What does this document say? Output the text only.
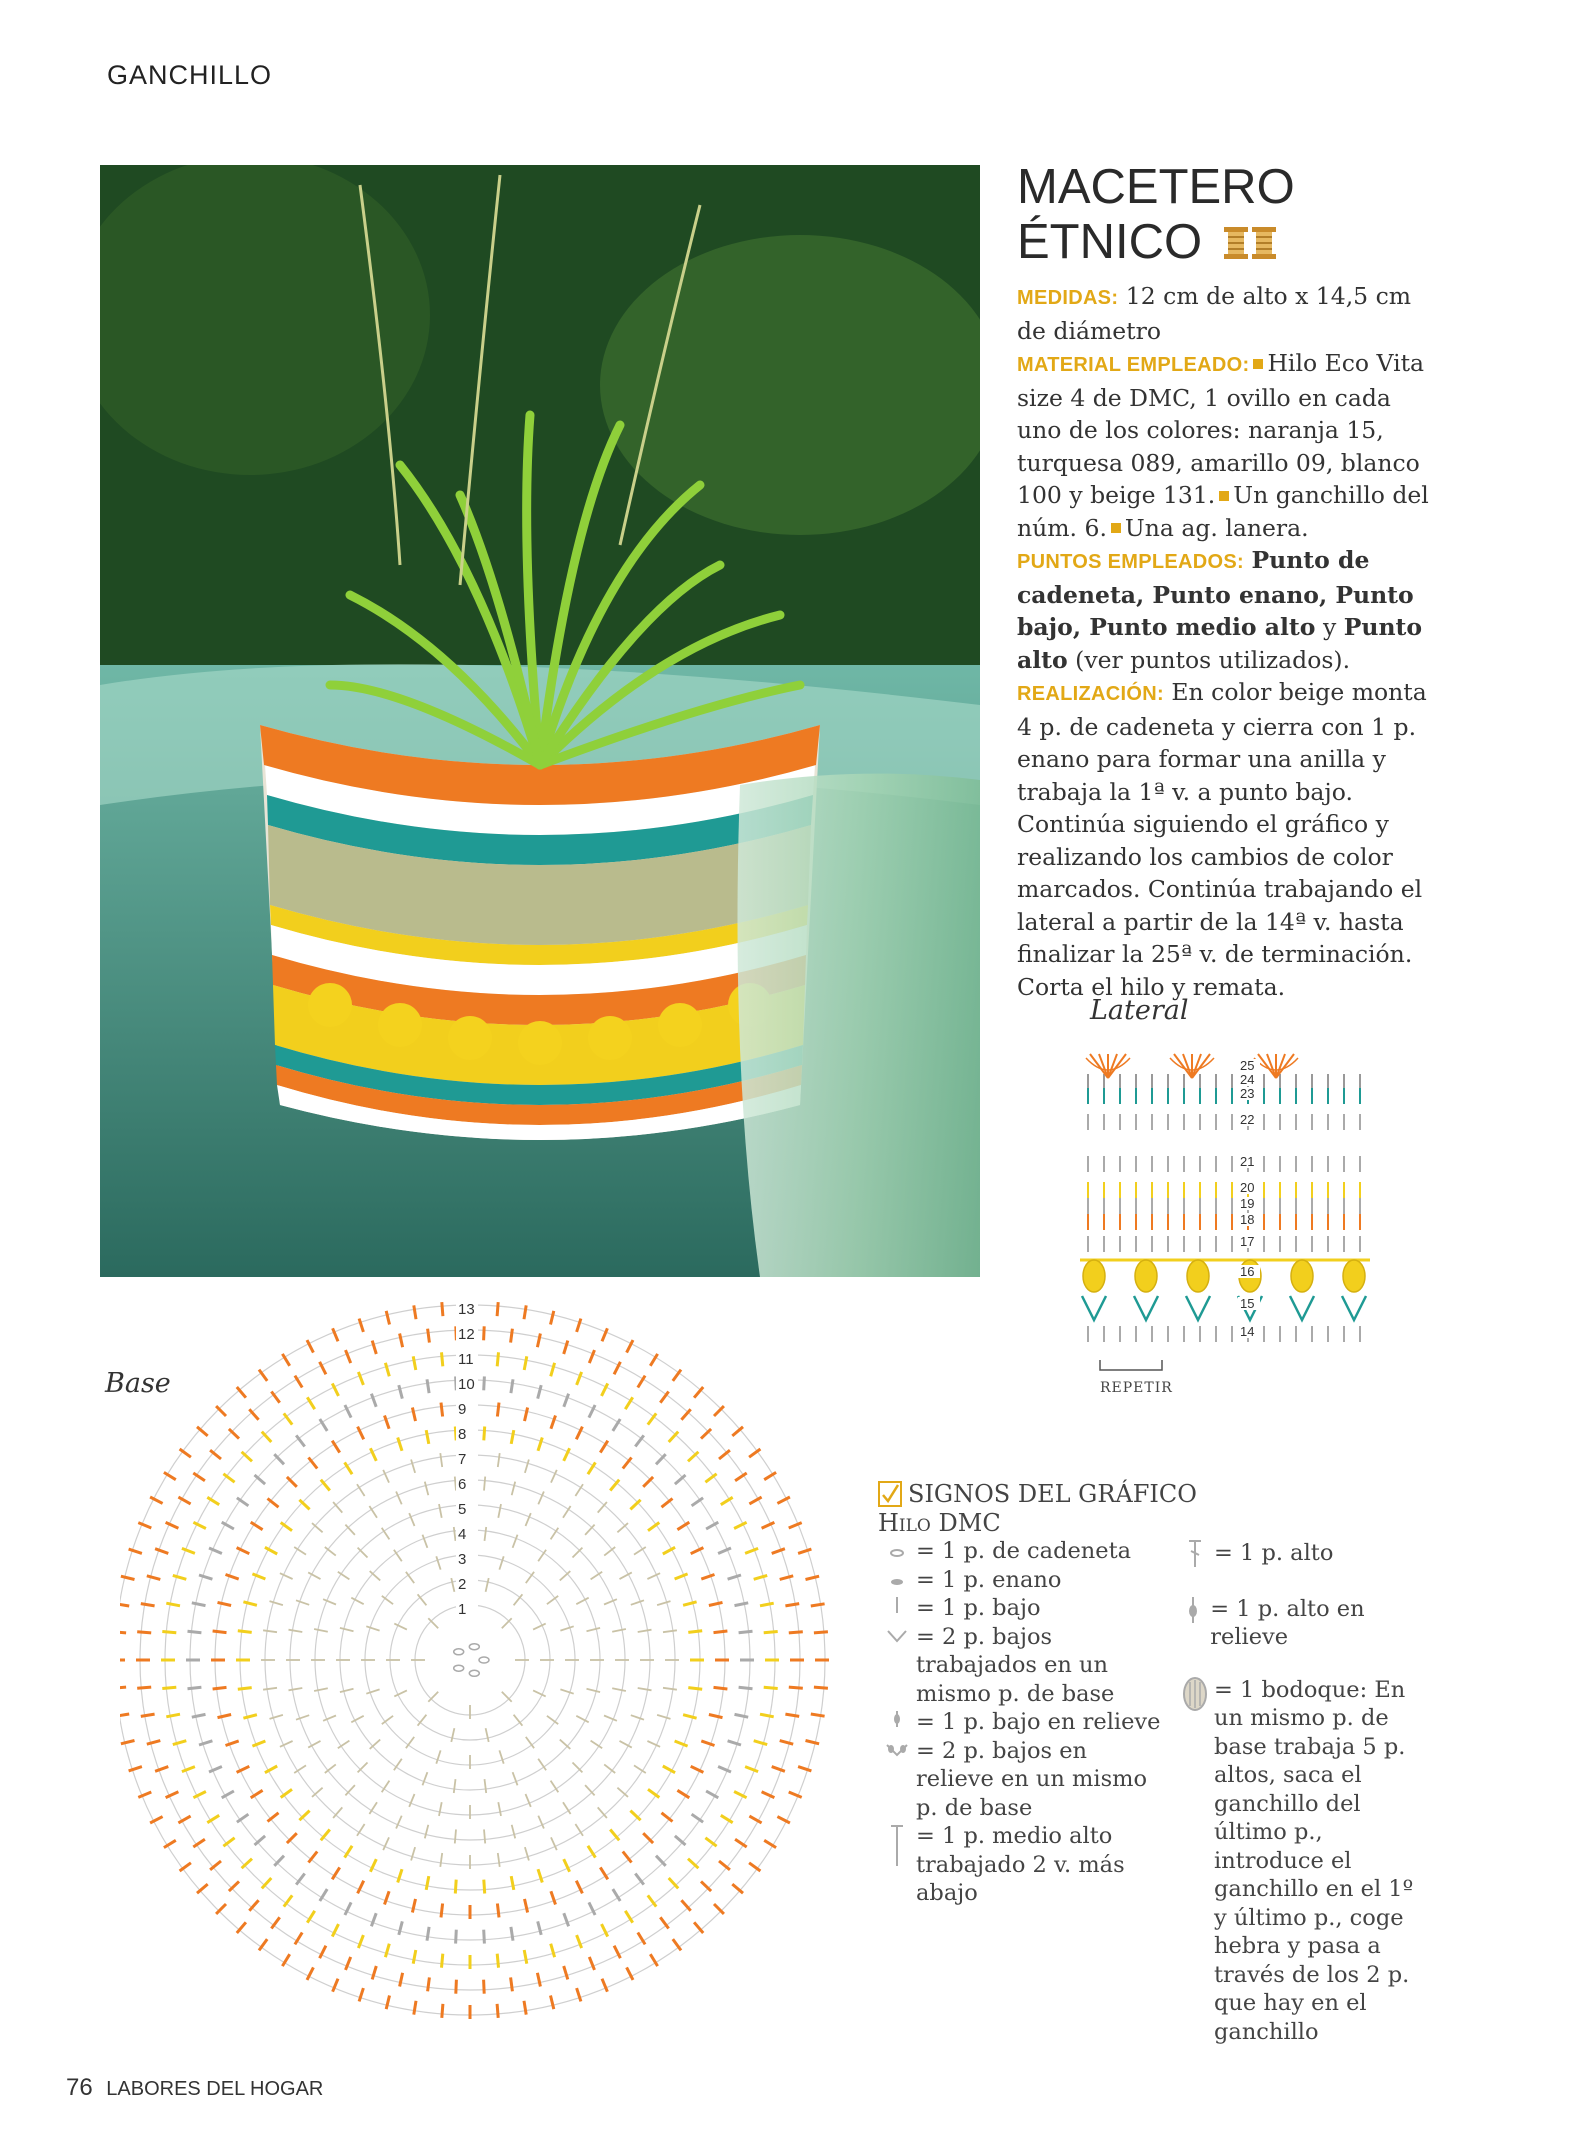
GANCHILLO
MACETERO
ÉTNICO

MEDIDAS: 12 cm de alto x 14,5 cm de diámetro

MATERIAL EMPLEADO: Hilo Eco Vita size 4 de DMC, 1 ovillo en cada uno de los colores: naranja 15, turquesa 089, amarillo 09, blanco 100 y beige 131. Un ganchillo del núm. 6. Una ag. lanera.

PUNTOS EMPLEADOS: Punto de cadeneta, Punto enano, Punto bajo, Punto medio alto y Punto alto (ver puntos utilizados).

REALIZACIÓN: En color beige monta 4 p. de cadeneta y cierra con 1 p. enano para formar una anilla y trabaja la 1ª v. a punto bajo. Continúa siguiendo el gráfico y realizando los cambios de color marcados. Continúa trabajando el lateral a partir de la 14ª v. hasta finalizar la 25ª v. de terminación. Corta el hilo y remata.

Lateral
25
24
23
22
21
20
19
18
17
16
15
14
REPETIR
Base
1
2
3
4
5
6
7
8
9
10
11
12
13
SIGNOS DEL GRÁFICO
Hilo DMC
= 1 p. de cadeneta
= 1 p. enano
= 1 p. bajo
= 2 p. bajos trabajados en un mismo p. de base
= 1 p. bajo en relieve
= 2 p. bajos en relieve en un mismo p. de base
= 1 p. medio alto trabajado 2 v. más abajo
= 1 p. alto
= 1 p. alto en relieve
= 1 bodoque: En un mismo p. de base trabaja 5 p. altos, saca el ganchillo del último p., introduce el ganchillo en el 1º y último p., coge hebra y pasa a través de los 2 p. que hay en el ganchillo
76 LABORES DEL HOGAR
